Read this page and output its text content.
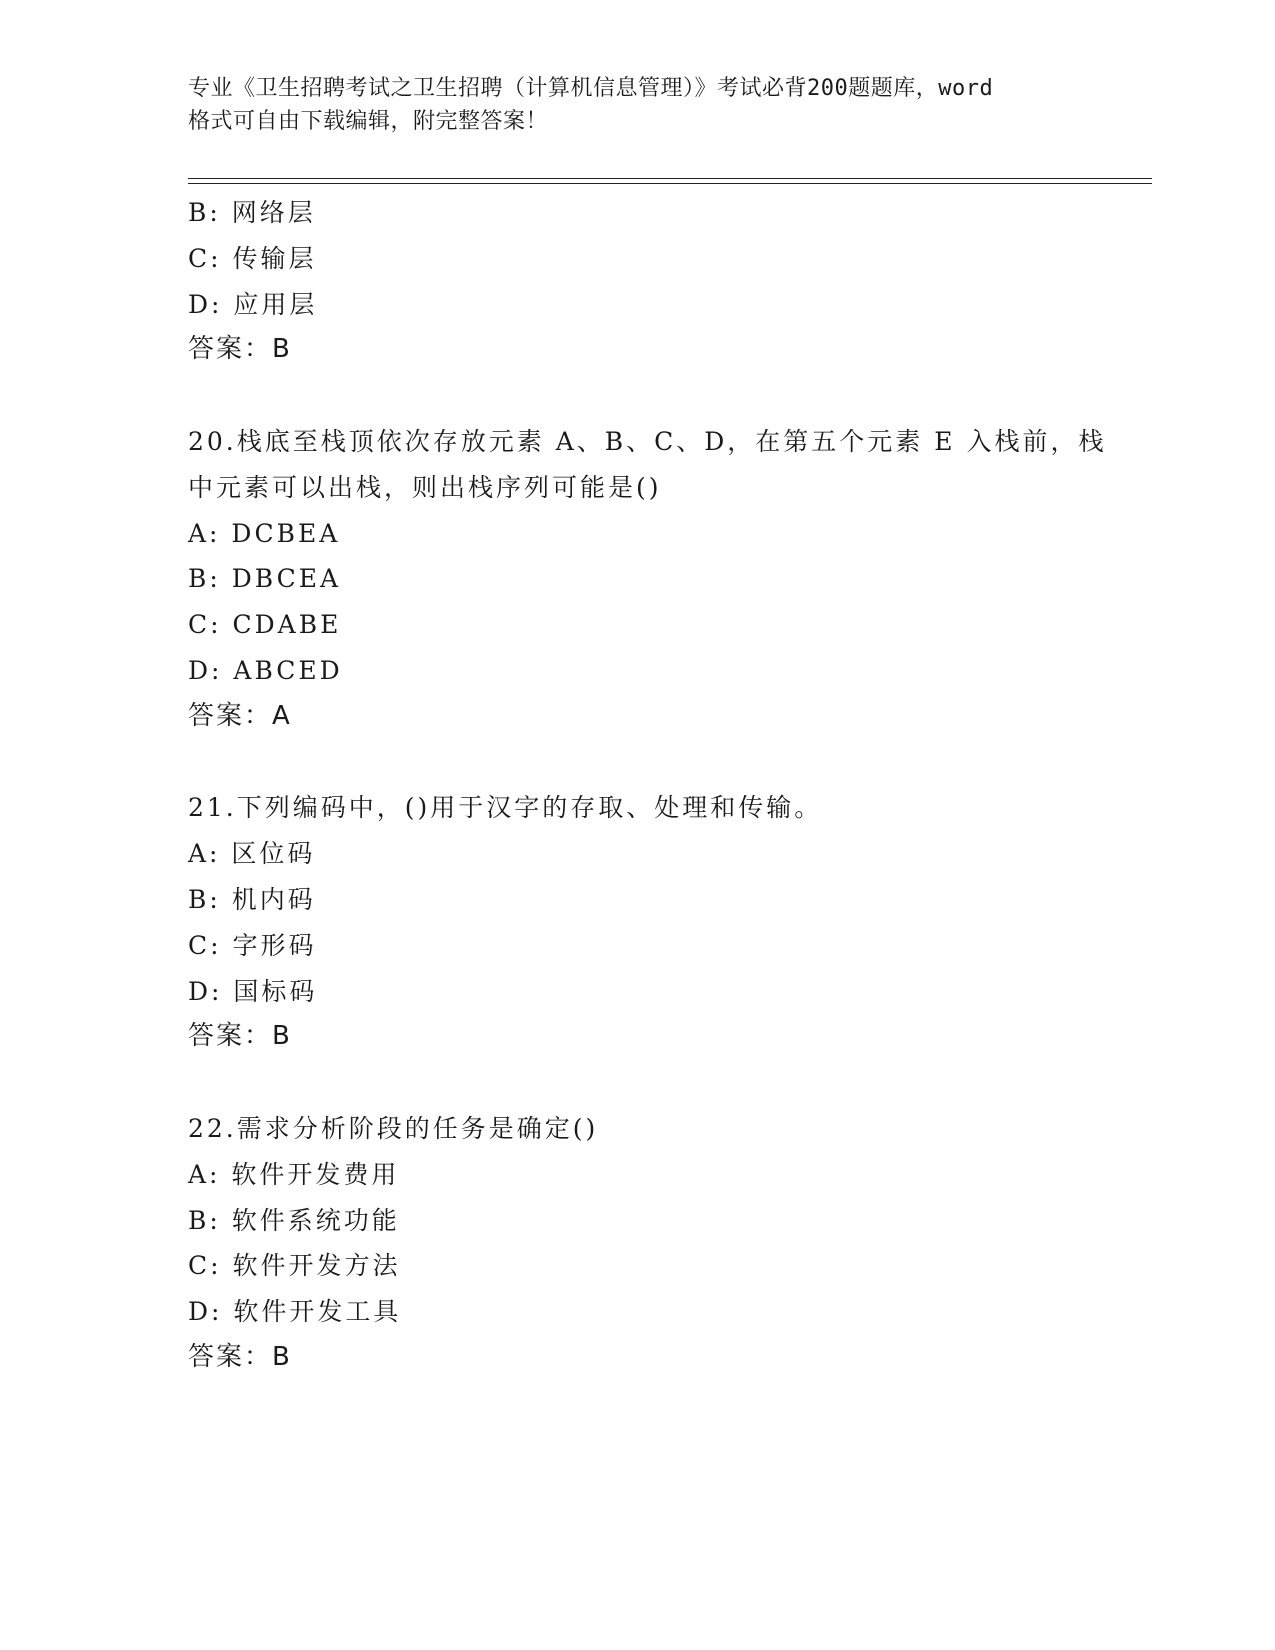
专业《卫生招聘考试之卫生招聘（计算机信息管理）》考试必背200题题库，word
格式可自由下载编辑，附完整答案！
B: 网络层
C: 传输层
D: 应用层
答案：B
20.栈底至栈顶依次存放元素 A、B、C、D，在第五个元素 E 入栈前，栈
中元素可以出栈，则出栈序列可能是()
A: DCBEA
B: DBCEA
C: CDABE
D: ABCED
答案：A
21.下列编码中，()用于汉字的存取、处理和传输。
A: 区位码
B: 机内码
C: 字形码
D: 国标码
答案：B
22.需求分析阶段的任务是确定()
A: 软件开发费用
B: 软件系统功能
C: 软件开发方法
D: 软件开发工具
答案：B
